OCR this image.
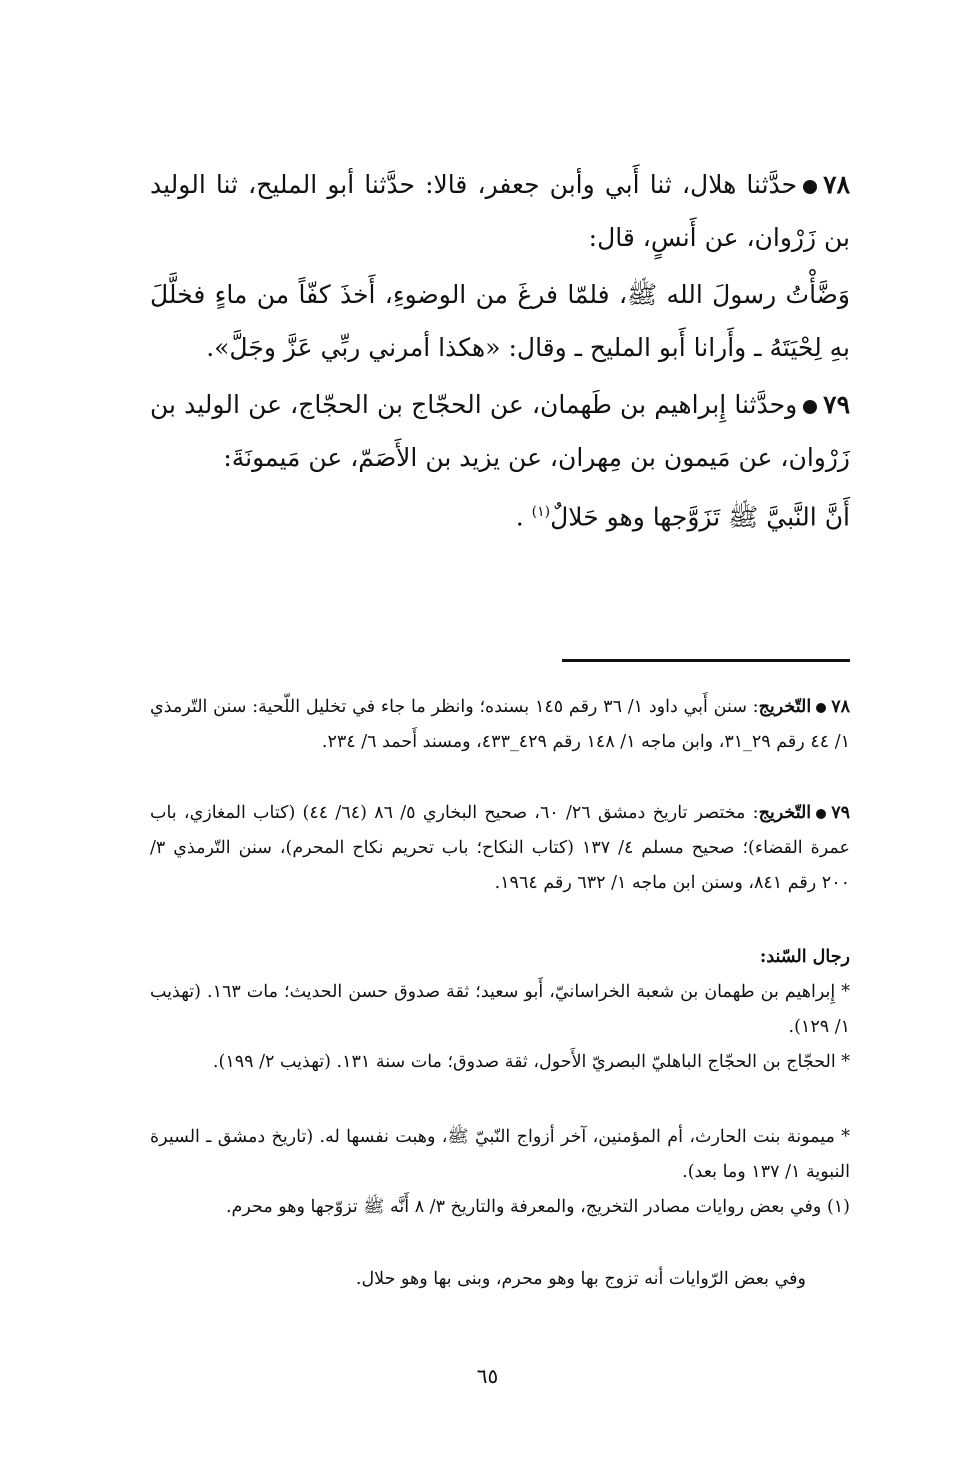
٧٨حدَّثنا هلال، ثنا أَبي وأبن جعفر، قالا: حدَّثنا أبو المليح، ثنا الوليد بن زَرْوان، عن أَنسٍ، قال:
وَضَّأْتُ رسولَ الله ﷺ، فلمّا فرغَ من الوضوءِ، أَخذَ كفّاً من ماءٍ فخلَّلَ بهِ لِحْيَتَهُ ـ وأَرانا أَبو المليح ـ وقال: «هكذا أمرني ربِّي عَزَّ وجَلَّ».
٧٩وحدَّثنا إِبراهيم بن طَهمان، عن الحجّاج بن الحجّاج، عن الوليد بن زَرْوان، عن مَيمون بن مِهران، عن يزيد بن الأَصَمّ، عن مَيمونَةَ:
أَنَّ النَّبيَّ ﷺ تَزَوَّجها وهو حَلالٌ$^{(١)}$ .
٧٨التّخريج: سنن أَبي داود ١/ ٣٦ رقم ١٤٥ بسنده؛ وانظر ما جاء في تخليل اللّحية: سنن التّرمذي ١/ ٤٤ رقم ٢٩_٣١، وابن ماجه ١/ ١٤٨ رقم ٤٢٩_٤٣٣، ومسند أَحمد ٦/ ٢٣٤.
٧٩التّخريج: مختصر تاريخ دمشق ٢٦/ ٦٠، صحيح البخاري ٥/ ٨٦ (٦٤/ ٤٤) (كتاب المغازي، باب عمرة القضاء)؛ صحيح مسلم ٤/ ١٣٧ (كتاب النكاح؛ باب تحريم نكاح المحرم)، سنن التّرمذي ٣/ ٢٠٠ رقم ٨٤١، وسنن ابن ماجه ١/ ٦٣٢ رقم ١٩٦٤.
رجال السّند:
* إِبراهيم بن طهمان بن شعبة الخراسانيّ، أَبو سعيد؛ ثقة صدوق حسن الحديث؛ مات ١٦٣. (تهذيب ١/ ١٢٩).
* الحجّاج بن الحجّاج الباهليّ البصريّ الأَحول، ثقة صدوق؛ مات سنة ١٣١. (تهذيب ٢/ ١٩٩).
* ميمونة بنت الحارث، أم المؤمنين، آخر أزواج النّبيّ ﷺ، وهبت نفسها له. (تاريخ دمشق ـ السيرة النبوية ١/ ١٣٧ وما بعد).
(١) وفي بعض روايات مصادر التخريج، والمعرفة والتاريخ ٣/ ٨ أَنَّه ﷺ تزوّجها وهو محرم.
وفي بعض الرّوايات أنه تزوج بها وهو محرم، وبنى بها وهو حلال.
٦٥
